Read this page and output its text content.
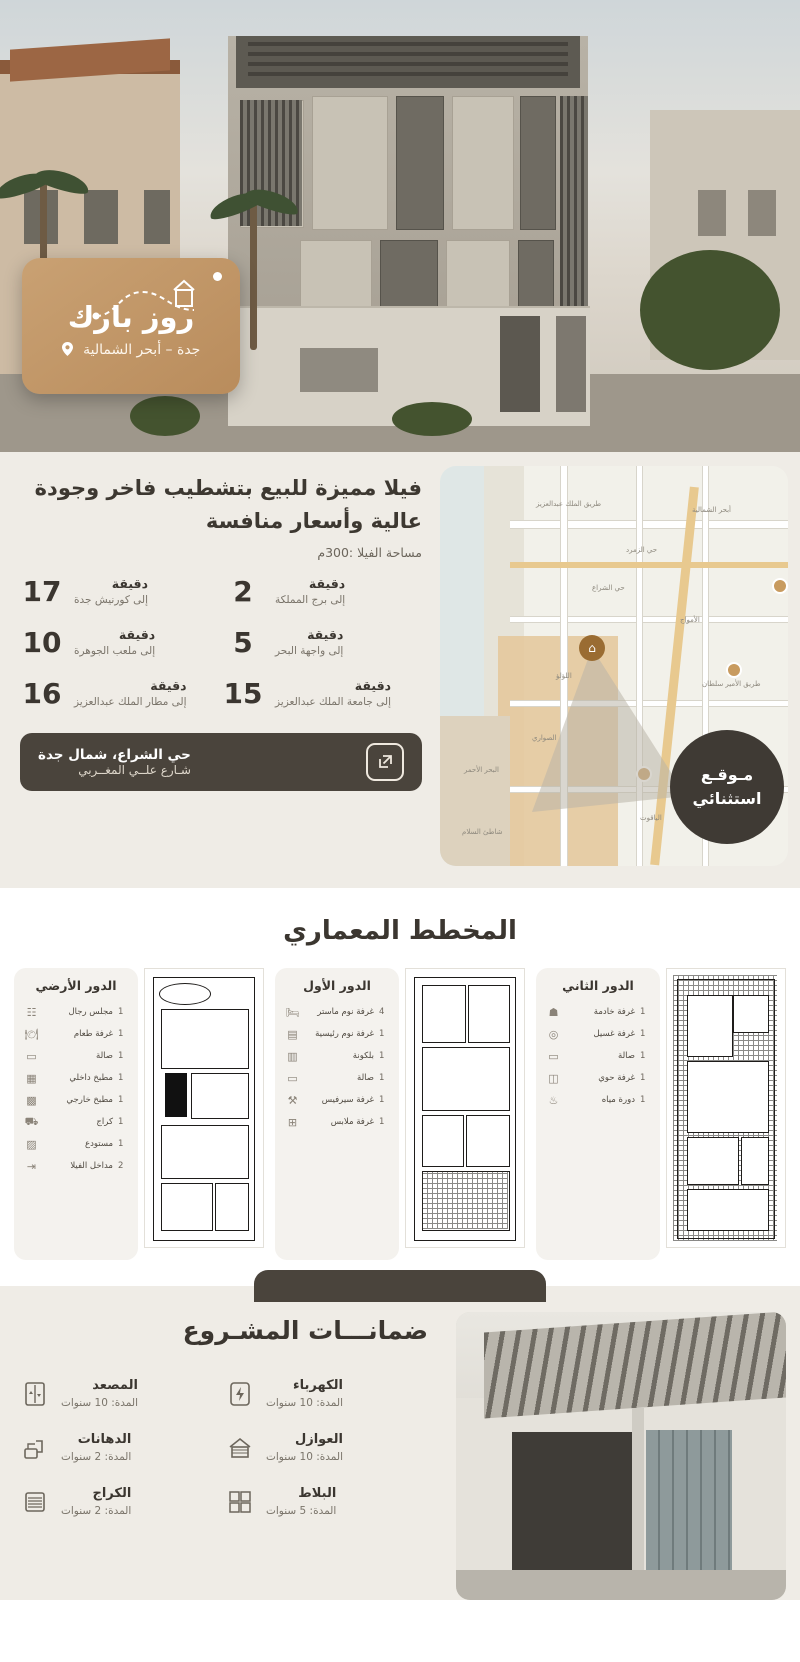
روز بارك
جدة – أبحر الشمالية
طريق الملك عبدالعزيز
أبحر الشمالية
حي الشراع
الأمواج
اللؤلؤ
البحر الأحمر
طريق الأمير سلطان
حي الزمرد
الصواري
الياقوت
شاطئ السلام
⌂
مـوقـع
استثنائي
فيلا مميزة للبيع بتشطيب فاخر وجودة عالية وأسعار منافسة
مساحة الفيلا :300م
2	دقيقة
إلى برج المملكة
17	دقيقة
إلى كورنيش جدة
5	دقيقة
إلى واجهة البحر
10	دقيقة
إلى ملعب الجوهرة
15	دقيقة
إلى جامعة الملك عبدالعزيز
16	دقيقة
إلى مطار الملك عبدالعزيز
حي الشراع، شمال جدة
شـارع علــي المغــربي
المخطط المعماري
الدور الثاني
☗	غرفة خادمة 1
◎	غرفة غسيل 1
▭	صالة 1
◫	غرفة حوي 1
♨	دورة مياه 1
الدور الأول
🛏	غرفة نوم ماستر 4
▤	غرفة نوم رئيسية 1
▥	بلكونة 1
▭	صالة 1
⚒	غرفة سيرفيس 1
⊞	غرفة ملابس 1
الدور الأرضي
☷	مجلس رجال 1
🍽	غرفة طعام 1
▭	صالة 1
▦	مطبخ داخلي 1
▩	مطبخ خارجي 1
⛟	كراج 1
▨	مستودع 1
⇥	مداخل الفيلا 2
ضمانـــات المشـروع
الكهرباء
المدة: 10 سنوات
المصعد
المدة: 10 سنوات
العوازل
المدة: 10 سنوات
الدهانات
المدة: 2 سنوات
البلاط
المدة: 5 سنوات
الكراج
المدة: 2 سنوات
